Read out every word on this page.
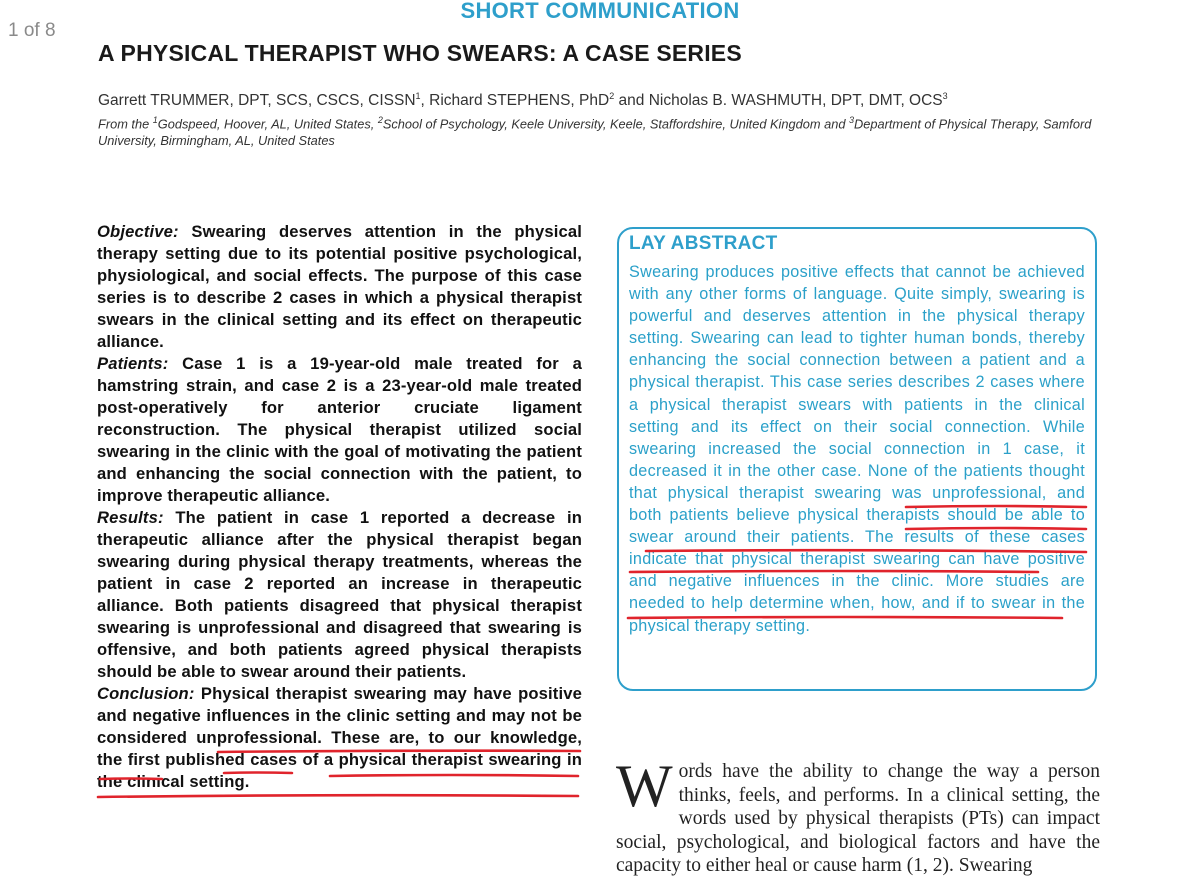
1 of 8
SHORT COMMUNICATION
A PHYSICAL THERAPIST WHO SWEARS: A CASE SERIES
Garrett TRUMMER, DPT, SCS, CSCS, CISSN$^1$, Richard STEPHENS, PhD$^2$ and Nicholas B. WASHMUTH, DPT, DMT, OCS$^3$
From the $^1$Godspeed, Hoover, AL, United States, $^2$School of Psychology, Keele University, Keele, Staffordshire, United Kingdom and $^3$Department of Physical Therapy, Samford University, Birmingham, AL, United States

Objective: Swearing deserves attention in the physical therapy setting due to its potential positive psychological, physiological, and social effects. The purpose of this case series is to describe 2 cases in which a physical therapist swears in the clinical setting and its effect on therapeutic alliance.

Patients: Case 1 is a 19-year-old male treated for a hamstring strain, and case 2 is a 23-year-old male treated post-operatively for anterior cruciate ligament reconstruction. The physical therapist utilized social swearing in the clinic with the goal of motivating the patient and enhancing the social connection with the patient, to improve therapeutic alliance.

Results: The patient in case 1 reported a decrease in therapeutic alliance after the physical therapist began swearing during physical therapy treatments, whereas the patient in case 2 reported an increase in therapeutic alliance. Both patients disagreed that physical therapist swearing is unprofessional and disagreed that swearing is offensive, and both patients agreed physical therapists should be able to swear around their patients.

Conclusion: Physical therapist swearing may have positive and negative influences in the clinic setting and may not be considered unprofessional. These are, to our knowledge, the first published cases of a physical therapist swearing in the clinical setting.

LAY ABSTRACT

Swearing produces positive effects that cannot be achieved with any other forms of language. Quite simply, swearing is powerful and deserves attention in the physical therapy setting. Swearing can lead to tighter human bonds, thereby enhancing the social connection between a patient and a physical therapist. This case series describes 2 cases where a physical therapist swears with patients in the clinical setting and its effect on their social connection. While swearing increased the social connection in 1 case, it decreased it in the other case. None of the patients thought that physical therapist swearing was unprofessional, and both patients believe physical therapists should be able to swear around their patients. The results of these cases indicate that physical therapist swearing can have positive and negative influences in the clinic. More studies are needed to help determine when, how, and if to swear in the physical therapy setting.

Words have the ability to change the way a person thinks, feels, and performs. In a clinical setting, the words used by physical therapists (PTs) can impact social, psychological, and biological factors and have the capacity to either heal or cause harm (1, 2). Swearing
